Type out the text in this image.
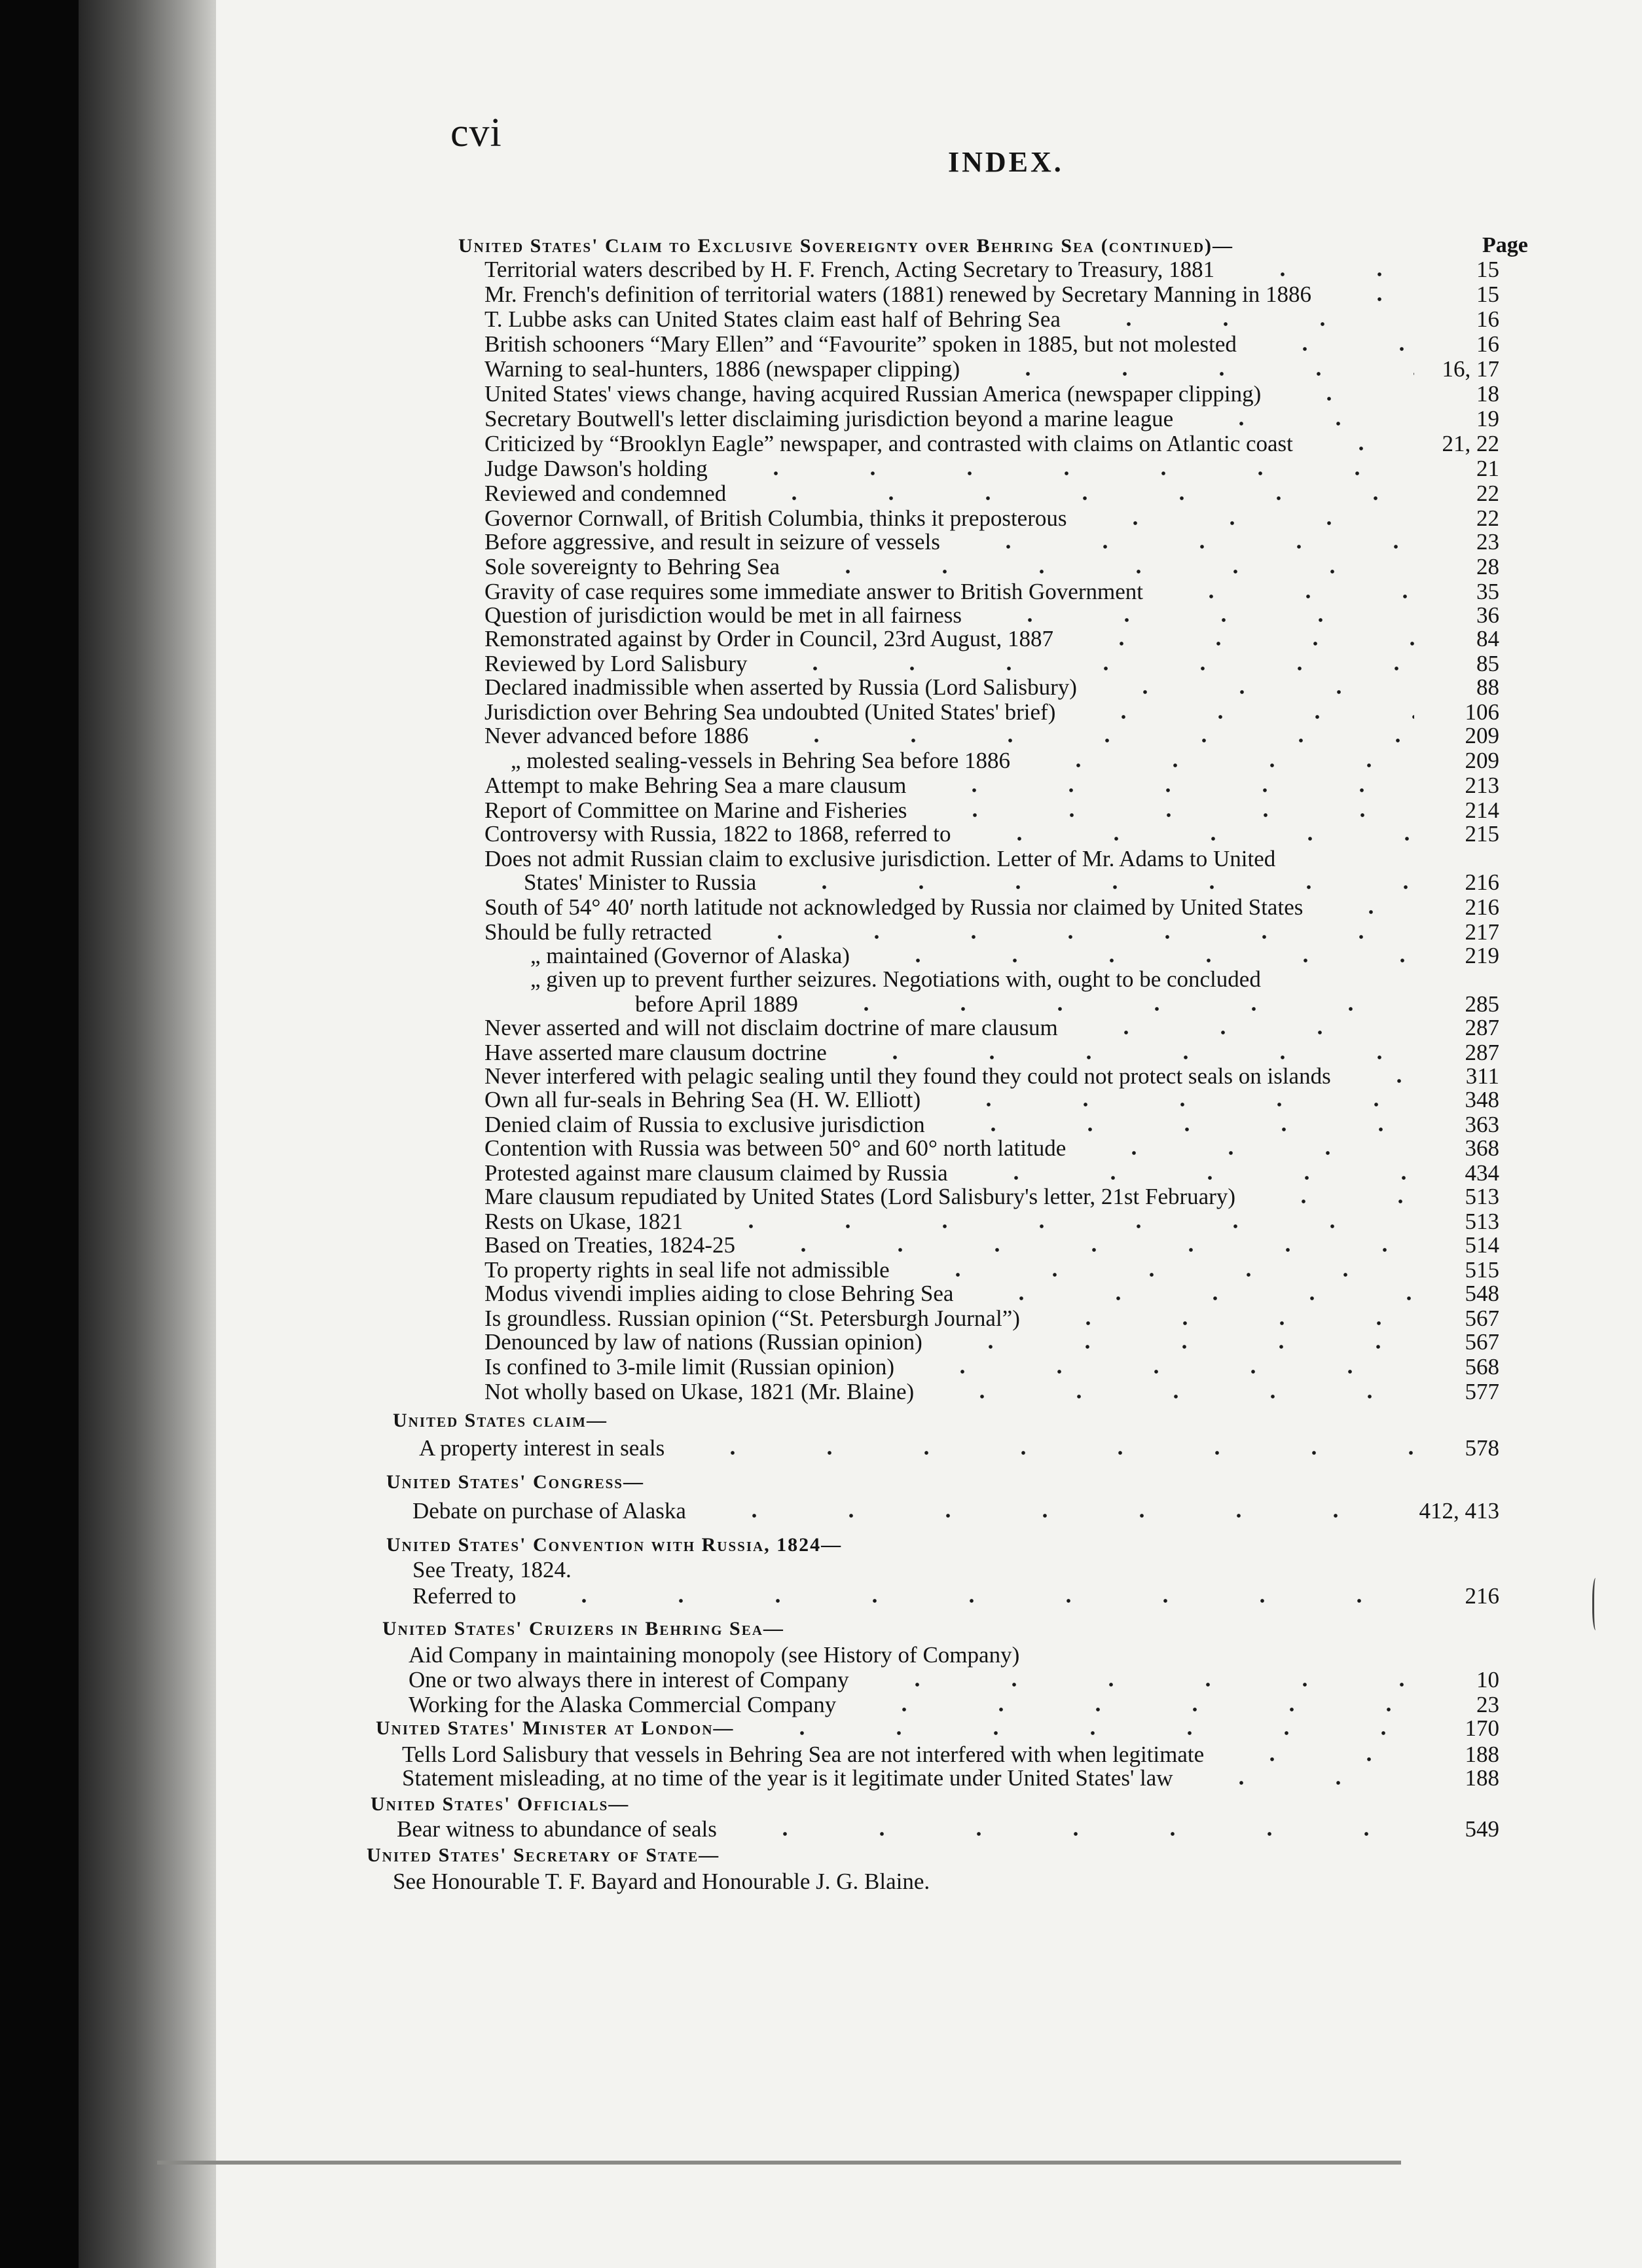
cvi
INDEX.
Page
United States' Claim to Exclusive Sovereignty over Behring Sea (continued)—
Territorial waters described by H. F. French, Acting Secretary to Treasury, 1881	15
Mr. French's definition of territorial waters (1881) renewed by Secretary Manning in 1886	15
T. Lubbe asks can United States claim east half of Behring Sea	16
British schooners “Mary Ellen” and “Favourite” spoken in 1885, but not molested	16
Warning to seal-hunters, 1886 (newspaper clipping)	16, 17
United States' views change, having acquired Russian America (newspaper clipping)	18
Secretary Boutwell's letter disclaiming jurisdiction beyond a marine league	19
Criticized by “Brooklyn Eagle” newspaper, and contrasted with claims on Atlantic coast	21, 22
Judge Dawson's holding	21
Reviewed and condemned	22
Governor Cornwall, of British Columbia, thinks it preposterous	22
Before aggressive, and result in seizure of vessels	23
Sole sovereignty to Behring Sea	28
Gravity of case requires some immediate answer to British Government	35
Question of jurisdiction would be met in all fairness	36
Remonstrated against by Order in Council, 23rd August, 1887	84
Reviewed by Lord Salisbury	85
Declared inadmissible when asserted by Russia (Lord Salisbury)	88
Jurisdiction over Behring Sea undoubted (United States' brief)	106
Never advanced before 1886	209
„ molested sealing-vessels in Behring Sea before 1886	209
Attempt to make Behring Sea a mare clausum	213
Report of Committee on Marine and Fisheries	214
Controversy with Russia, 1822 to 1868, referred to	215
Does not admit Russian claim to exclusive jurisdiction. Letter of Mr. Adams to United
States' Minister to Russia	216
South of 54° 40′ north latitude not acknowledged by Russia nor claimed by United States	216
Should be fully retracted	217
„ maintained (Governor of Alaska)	219
„ given up to prevent further seizures. Negotiations with, ought to be concluded
before April 1889	285
Never asserted and will not disclaim doctrine of mare clausum	287
Have asserted mare clausum doctrine	287
Never interfered with pelagic sealing until they found they could not protect seals on islands	311
Own all fur-seals in Behring Sea (H. W. Elliott)	348
Denied claim of Russia to exclusive jurisdiction	363
Contention with Russia was between 50° and 60° north latitude	368
Protested against mare clausum claimed by Russia	434
Mare clausum repudiated by United States (Lord Salisbury's letter, 21st February)	513
Rests on Ukase, 1821	513
Based on Treaties, 1824-25	514
To property rights in seal life not admissible	515
Modus vivendi implies aiding to close Behring Sea	548
Is groundless. Russian opinion (“St. Petersburgh Journal”)	567
Denounced by law of nations (Russian opinion)	567
Is confined to 3-mile limit (Russian opinion)	568
Not wholly based on Ukase, 1821 (Mr. Blaine)	577
United States claim—
A property interest in seals	578
United States' Congress—
Debate on purchase of Alaska	412, 413
United States' Convention with Russia, 1824—
See Treaty, 1824.
Referred to	216
United States' Cruizers in Behring Sea—
Aid Company in maintaining monopoly (see History of Company)
One or two always there in interest of Company	10
Working for the Alaska Commercial Company	23
United States' Minister at London—	170
Tells Lord Salisbury that vessels in Behring Sea are not interfered with when legitimate	188
Statement misleading, at no time of the year is it legitimate under United States' law	188
United States' Officials—
Bear witness to abundance of seals	549
United States' Secretary of State—
See Honourable T. F. Bayard and Honourable J. G. Blaine.
